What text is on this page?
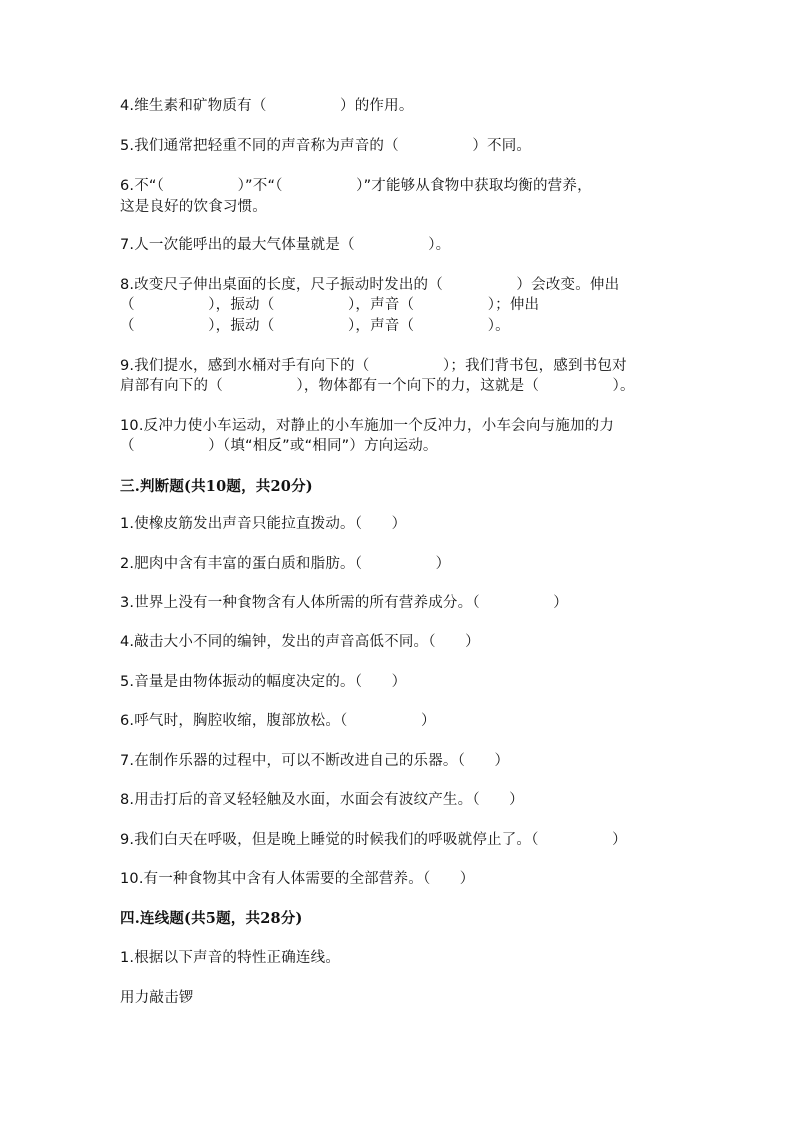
4.维生素和矿物质有（　　　　　）的作用。

5.我们通常把轻重不同的声音称为声音的（　　　　　）不同。

6.不“（　　　　　）”不“（　　　　　）”才能够从食物中获取均衡的营养，

这是良好的饮食习惯。

7.人一次能呼出的最大气体量就是（　　　　　）。

8.改变尺子伸出桌面的长度，尺子振动时发出的（　　　　　）会改变。伸出

（　　　　　），振动（　　　　　），声音（　　　　　）；伸出

（　　　　　），振动（　　　　　），声音（　　　　　）。

9.我们提水，感到水桶对手有向下的（　　　　　）；我们背书包，感到书包对

肩部有向下的（　　　　　），物体都有一个向下的力，这就是（　　　　　）。

10.反冲力使小车运动，对静止的小车施加一个反冲力，小车会向与施加的力

（　　　　　）（填“相反”或“相同”）方向运动。

三.判断题(共10题，共20分)

1.使橡皮筋发出声音只能拉直拨动。（　　）

2.肥肉中含有丰富的蛋白质和脂肪。（　　　　　）

3.世界上没有一种食物含有人体所需的所有营养成分。（　　　　　）

4.敲击大小不同的编钟，发出的声音高低不同。（　　）

5.音量是由物体振动的幅度决定的。（　　）

6.呼气时，胸腔收缩，腹部放松。（　　　　　）

7.在制作乐器的过程中，可以不断改进自己的乐器。（　　）

8.用击打后的音叉轻轻触及水面，水面会有波纹产生。（　　）

9.我们白天在呼吸，但是晚上睡觉的时候我们的呼吸就停止了。（　　　　　）

10.有一种食物其中含有人体需要的全部营养。（　　）

四.连线题(共5题，共28分)

1.根据以下声音的特性正确连线。

用力敲击锣
